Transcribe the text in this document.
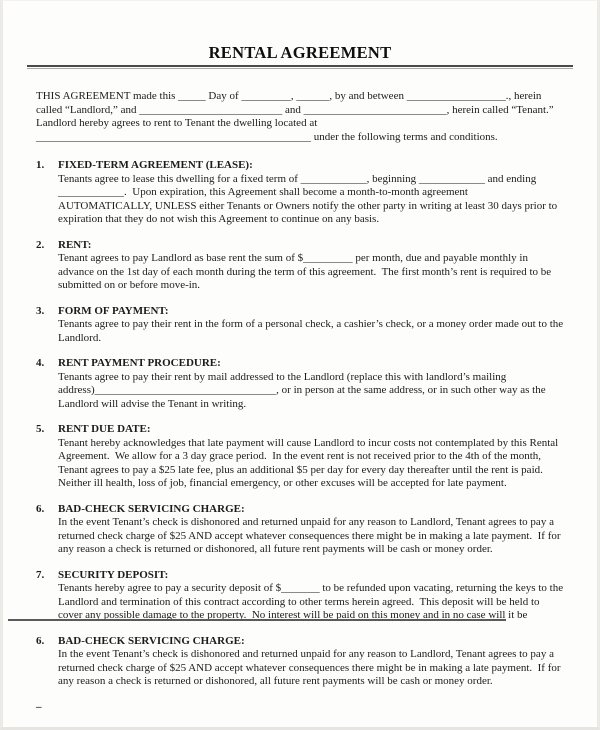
RENTAL AGREEMENT
THIS AGREEMENT made this _____ Day of _________, ______, by and between __________________., herein called “Landlord,” and __________________________ and __________________________, herein called “Tenant.”  Landlord hereby agrees to rent to Tenant the dwelling located at __________________________________________________ under the following terms and conditions.
1.	FIXED-TERM AGREEMENT (LEASE):
Tenants agree to lease this dwelling for a fixed term of ____________, beginning ____________ and ending ____________.  Upon expiration, this Agreement shall become a month-to-month agreement AUTOMATICALLY, UNLESS either Tenants or Owners notify the other party in writing at least 30 days prior to expiration that they do not wish this Agreement to continue on any basis.
2.	RENT:
Tenant agrees to pay Landlord as base rent the sum of $_________ per month, due and payable monthly in advance on the 1st day of each month during the term of this agreement.  The first month’s rent is required to be submitted on or before move-in.
3.	FORM OF PAYMENT:
Tenants agree to pay their rent in the form of a personal check, a cashier’s check, or a money order made out to the Landlord.
4.	RENT PAYMENT PROCEDURE:
Tenants agree to pay their rent by mail addressed to the Landlord (replace this with landlord’s mailing address)_________________________________, or in person at the same address, or in such other way as the Landlord will advise the Tenant in writing.
5.	RENT DUE DATE:
Tenant hereby acknowledges that late payment will cause Landlord to incur costs not contemplated by this Rental Agreement.  We allow for a 3 day grace period.  In the event rent is not received prior to the 4th of the month, Tenant agrees to pay a $25 late fee, plus an additional $5 per day for every day thereafter until the rent is paid.  Neither ill health, loss of job, financial emergency, or other excuses will be accepted for late payment.
6.	BAD-CHECK SERVICING CHARGE:
In the event Tenant’s check is dishonored and returned unpaid for any reason to Landlord, Tenant agrees to pay a returned check charge of $25 AND accept whatever consequences there might be in making a late payment.  If for any reason a check is returned or dishonored, all future rent payments will be cash or money order.
7.	SECURITY DEPOSIT:
Tenants hereby agree to pay a security deposit of $_______ to be refunded upon vacating, returning the keys to the Landlord and termination of this contract according to other terms herein agreed.  This deposit will be held to cover any possible damage to the property.  No interest will be paid on this money and in no case will it be
6.	BAD-CHECK SERVICING CHARGE:
In the event Tenant’s check is dishonored and returned unpaid for any reason to Landlord, Tenant agrees to pay a returned check charge of $25 AND accept whatever consequences there might be in making a late payment.  If for any reason a check is returned or dishonored, all future rent payments will be cash or money order.
–
